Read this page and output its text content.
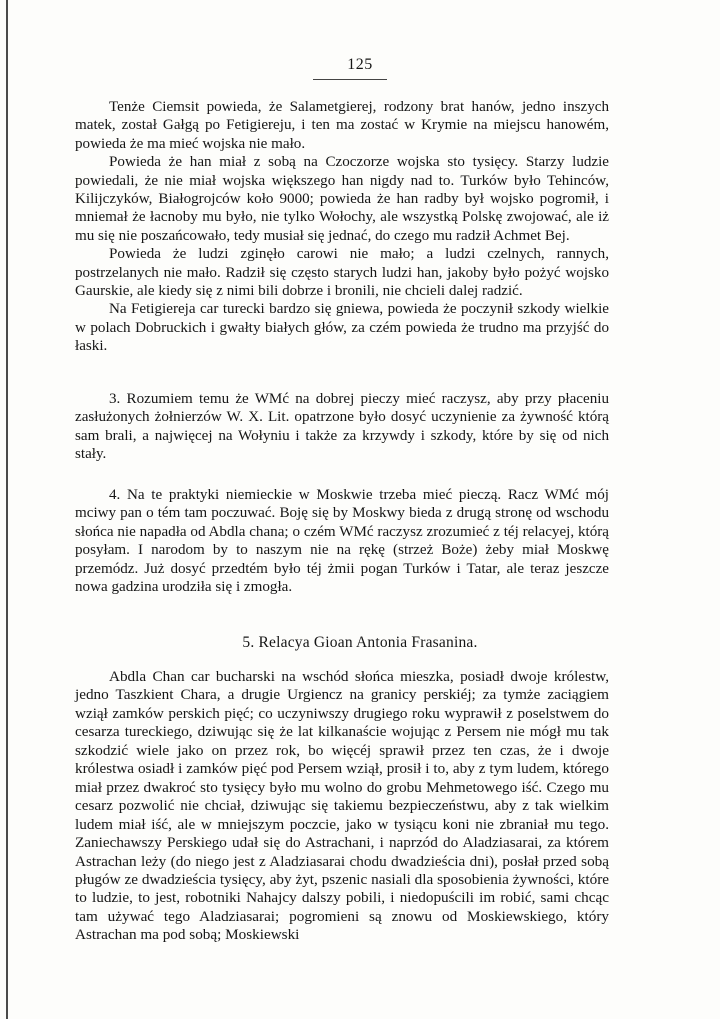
125

Tenże Ciemsit powieda, że Salametgierej, rodzony brat hanów, jedno inszych matek, został Gałgą po Fetigiereju, i ten ma zostać w Krymie na miejscu hanowém, powieda że ma mieć wojska nie mało.

Powieda że han miał z sobą na Czoczorze wojska sto tysięcy. Starzy ludzie powiedali, że nie miał wojska większego han nigdy nad to. Turków było Tehinców, Kilijczyków, Białogrojców koło 9000; powieda że han radby był wojsko pogromił, i mniemał że łacnoby mu było, nie tylko Wołochy, ale wszystką Polskę zwojować, ale iż mu się nie poszańcowało, tedy musiał się jednać, do czego mu radził Achmet Bej.

Powieda że ludzi zginęło carowi nie mało; a ludzi czelnych, rannych, postrzelanych nie mało. Radził się często starych ludzi han, jakoby było pożyć wojsko Gaurskie, ale kiedy się z nimi bili dobrze i bronili, nie chcieli dalej radzić.

Na Fetigiereja car turecki bardzo się gniewa, powieda że poczynił szkody wielkie w polach Dobruckich i gwałty białych głów, za czém powieda że trudno ma przyjść do łaski.

3. Rozumiem temu że WMć na dobrej pieczy mieć raczysz, aby przy płaceniu zasłużonych żołnierzów W. X. Lit. opatrzone było dosyć uczynienie za żywność którą sam brali, a najwięcej na Wołyniu i także za krzywdy i szkody, które by się od nich stały.

4. Na te praktyki niemieckie w Moskwie trzeba mieć pieczą. Racz WMć mój mciwy pan o tém tam poczuwać. Boję się by Moskwy bieda z drugą stronę od wschodu słońca nie napadła od Abdla chana; o czém WMć raczysz zrozumieć z téj relacyej, którą posyłam. I narodom by to naszym nie na rękę (strzeż Boże) żeby miał Moskwę przemódz. Już dosyć przedtém było téj żmii pogan Turków i Tatar, ale teraz jeszcze nowa gadzina urodziła się i zmogła.

5. Relacya Gioan Antonia Frasanina.

Abdla Chan car bucharski na wschód słońca mieszka, posiadł dwoje królestw, jedno Taszkient Chara, a drugie Urgiencz na granicy perskiéj; za tymże zaciągiem wziął zamków perskich pięć; co uczyniwszy drugiego roku wyprawił z poselstwem do cesarza tureckiego, dziwując się że lat kilkanaście wojując z Persem nie mógł mu tak szkodzić wiele jako on przez rok, bo więcéj sprawił przez ten czas, że i dwoje królestwa osiadł i zamków pięć pod Persem wziął, prosił i to, aby z tym ludem, którego miał przez dwakroć sto tysięcy było mu wolno do grobu Mehmetowego iść. Czego mu cesarz pozwolić nie chciał, dziwując się takiemu bezpieczeństwu, aby z tak wielkim ludem miał iść, ale w mniejszym poczcie, jako w tysiącu koni nie zbraniał mu tego. Zaniechawszy Perskiego udał się do Astrachani, i naprzód do Aladziasarai, za którem Astrachan leży (do niego jest z Aladziasarai chodu dwadzieścia dni), posłał przed sobą pługów ze dwadzieścia tysięcy, aby żyt, pszenic nasiali dla sposobienia żywności, które to ludzie, to jest, robotniki Nahajcy dalszy pobili, i niedopuścili im robić, sami chcąc tam używać tego Aladziasarai; pogromieni są znowu od Moskiewskiego, który Astrachan ma pod sobą; Moskiewski
